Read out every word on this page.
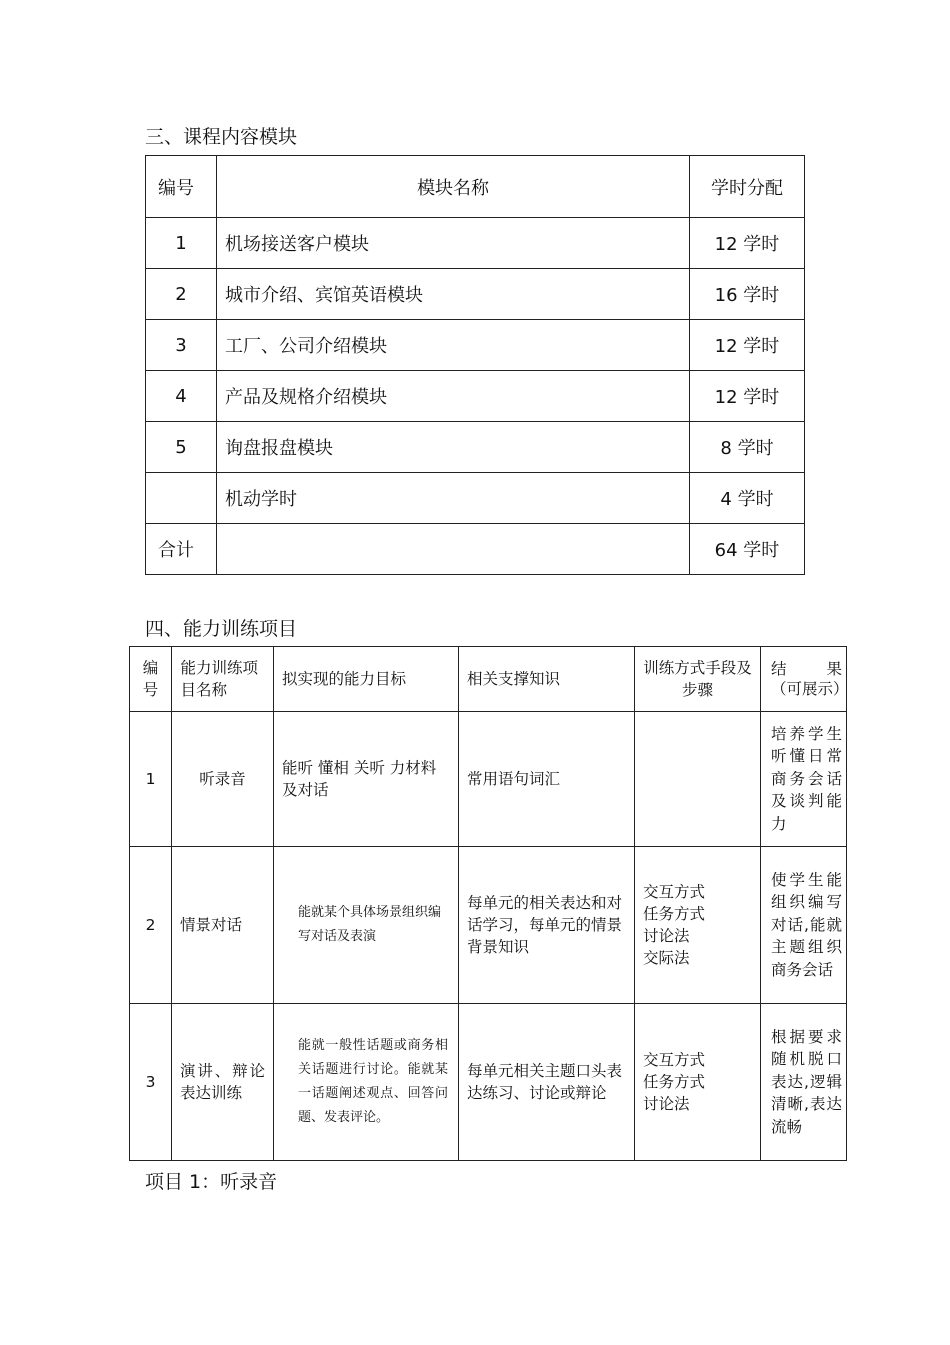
三、课程内容模块
编号	模块名称	学时分配
1	机场接送客户模块	12 学时
2	城市介绍、宾馆英语模块	16 学时
3	工厂、公司介绍模块	12 学时
4	产品及规格介绍模块	12 学时
5	询盘报盘模块	8 学时
	机动学时	4 学时
合计		64 学时
四、能力训练项目
编号	能力训练项目名称	拟实现的能力目标	相关支撑知识	训练方式手段及步骤	结　果（可展示）
1	听录音	能听 懂相 关听 力材料及对话	常用语句词汇		培养学生听懂日常商务会话及谈判能力
2	情景对话	能就某个具体场景组织编写对话及表演	每单元的相关表达和对话学习，每单元的情景背景知识	交互方式
任务方式
讨论法
交际法	使学生能组织编写对话,能就主题组织商务会话
3	演讲、辩论表达训练	能就一般性话题或商务相关话题进行讨论。能就某一话题阐述观点、回答问题、发表评论。	每单元相关主题口头表达练习、讨论或辩论	交互方式
任务方式
讨论法	根据要求随机脱口表达,逻辑清晰,表达流畅
项目 1：听录音
